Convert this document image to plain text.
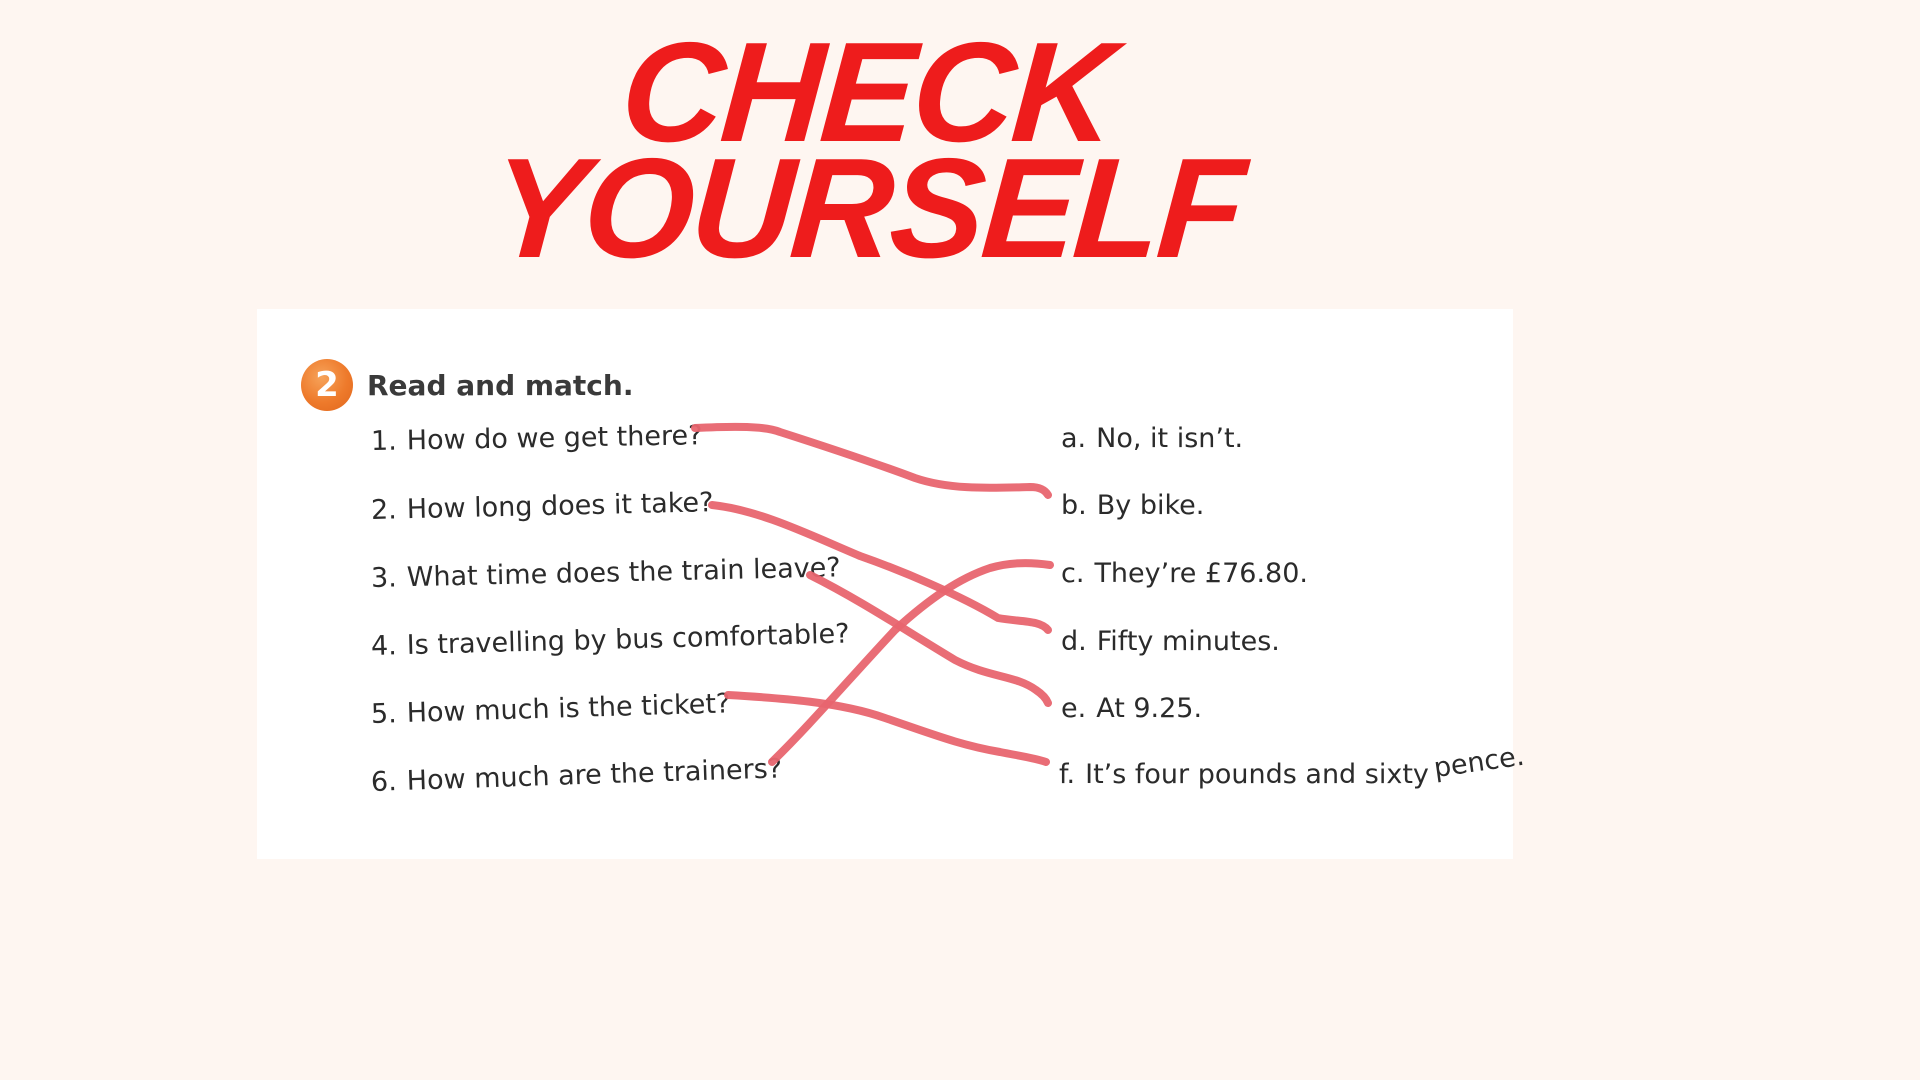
CHECK
YOURSELF
2	Read and match.
1. How do we get there?
2. How long does it take?
3. What time does the train leave?
4. Is travelling by bus comfortable?
5. How much is the ticket?
6. How much are the trainers?
a. No, it isn’t.
b. By bike.
c. They’re £76.80.
d. Fifty minutes.
e. At 9.25.
f. It’s four pounds and sixty pence.
